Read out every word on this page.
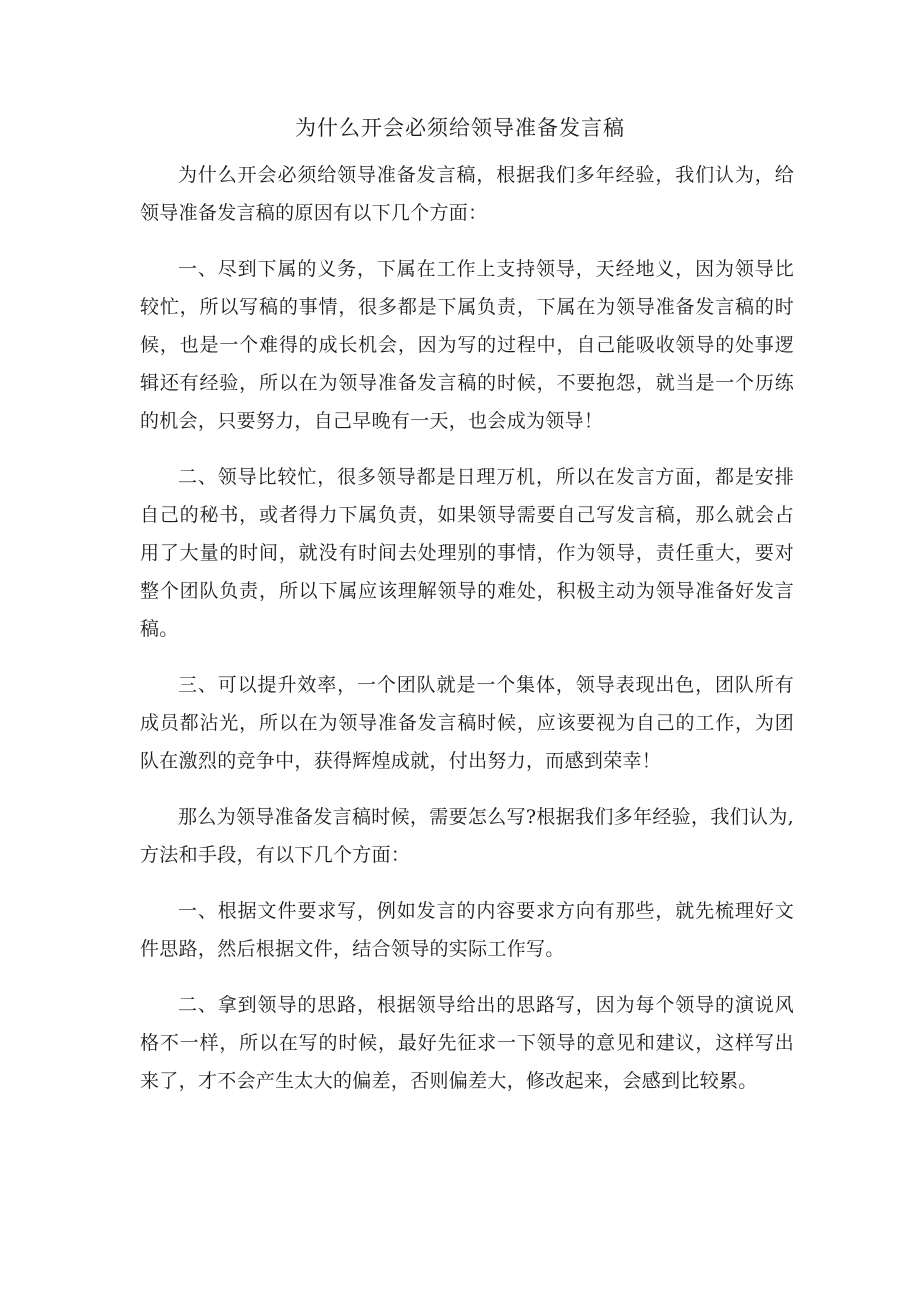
为什么开会必须给领导准备发言稿

为什么开会必须给领导准备发言稿，根据我们多年经验，我们认为，给领导准备发言稿的原因有以下几个方面：

一、尽到下属的义务，下属在工作上支持领导，天经地义，因为领导比较忙，所以写稿的事情，很多都是下属负责，下属在为领导准备发言稿的时候，也是一个难得的成长机会，因为写的过程中，自己能吸收领导的处事逻辑还有经验，所以在为领导准备发言稿的时候，不要抱怨，就当是一个历练的机会，只要努力，自己早晚有一天，也会成为领导！

二、领导比较忙，很多领导都是日理万机，所以在发言方面，都是安排自己的秘书，或者得力下属负责，如果领导需要自己写发言稿，那么就会占用了大量的时间，就没有时间去处理别的事情，作为领导，责任重大，要对整个团队负责，所以下属应该理解领导的难处，积极主动为领导准备好发言稿。

三、可以提升效率，一个团队就是一个集体，领导表现出色，团队所有成员都沾光，所以在为领导准备发言稿时候，应该要视为自己的工作，为团队在激烈的竞争中，获得辉煌成就，付出努力，而感到荣幸！

那么为领导准备发言稿时候，需要怎么写?根据我们多年经验，我们认为,方法和手段，有以下几个方面：

一、根据文件要求写，例如发言的内容要求方向有那些，就先梳理好文件思路，然后根据文件，结合领导的实际工作写。

二、拿到领导的思路，根据领导给出的思路写，因为每个领导的演说风格不一样，所以在写的时候，最好先征求一下领导的意见和建议，这样写出来了，才不会产生太大的偏差，否则偏差大，修改起来，会感到比较累。
